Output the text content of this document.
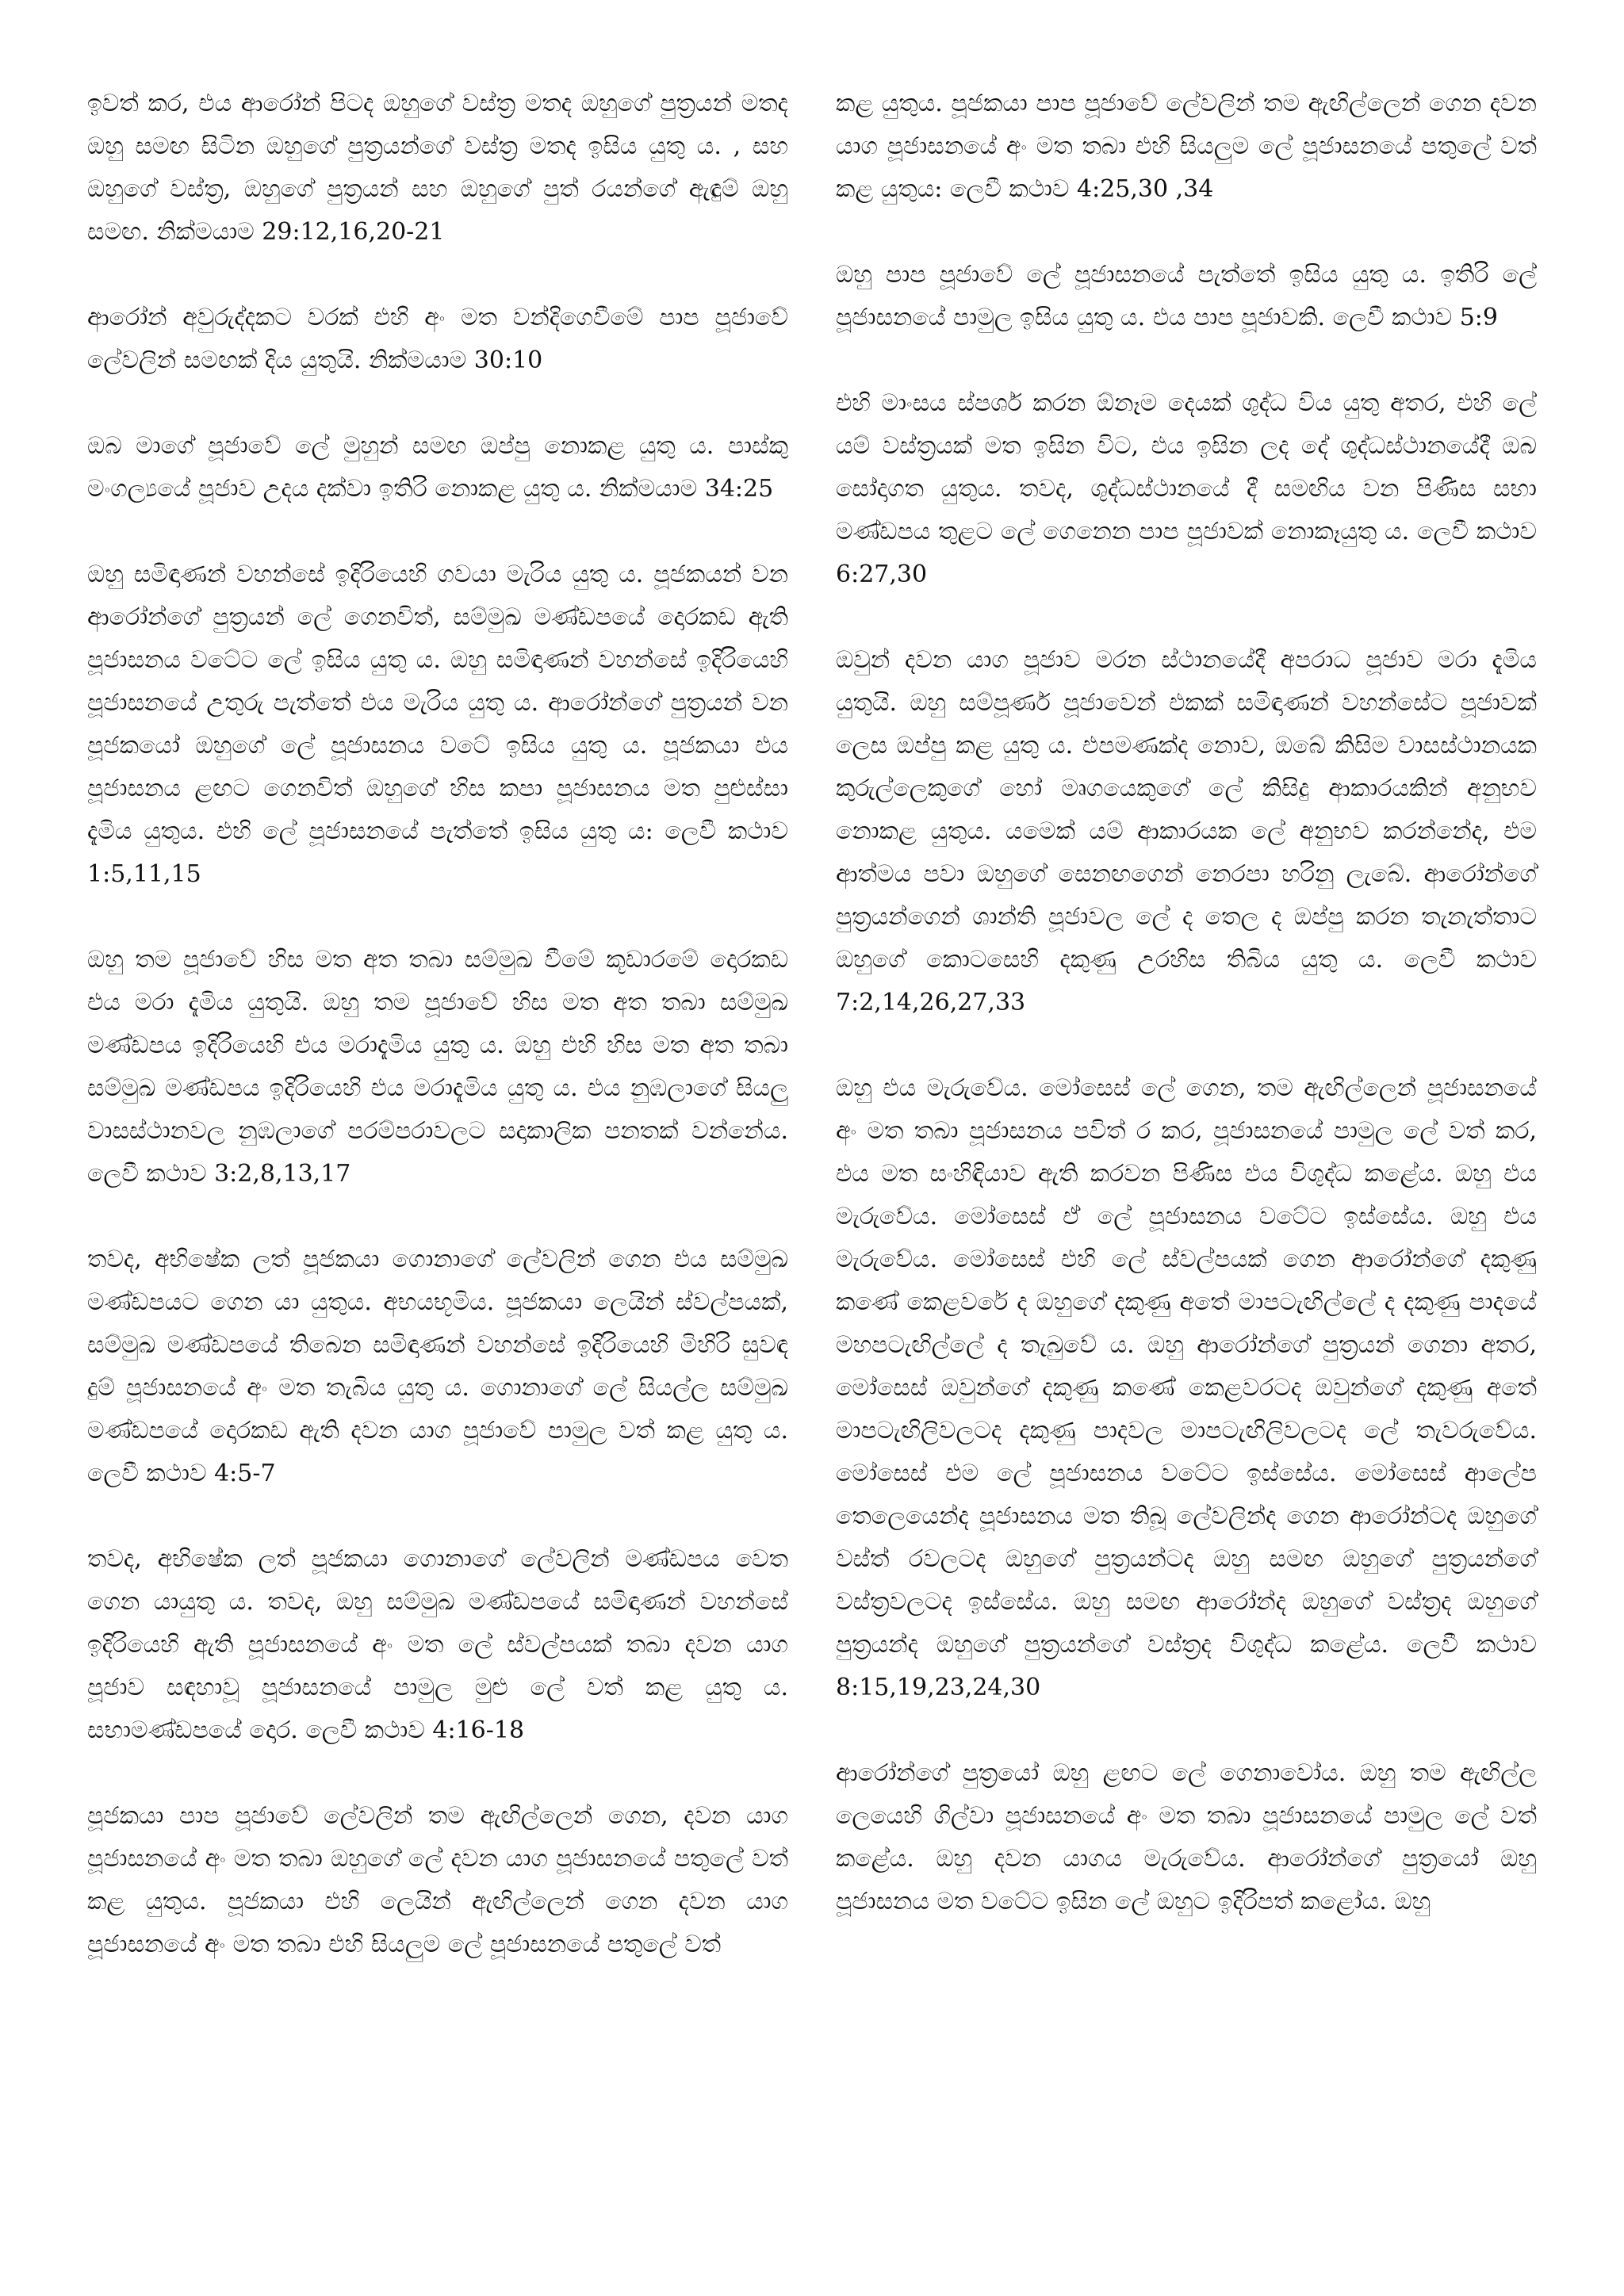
ඉවත් කර, එය ආරෝන් පිටද ඔහුගේ වස්ත්‍ර මතද ඔහුගේ පුත්‍රයන් මතද ඔහු සමඟ සිටින ඔහුගේ පුත්‍රයන්ගේ වස්ත්‍ර මතද ඉසිය යුතු ය. , සහ ඔහුගේ වස්ත්‍ර, ඔහුගේ පුත්‍රයන් සහ ඔහුගේ පුත් රයන්ගේ ඇඳුම් ඔහු සමඟ. නික්මයාම 29:12,16,20-21

ආරෝන් අවුරුද්දකට වරක් එහි අං මත වන්දිගෙවීමේ පාප පූජාවේ ලේවලින් සමඟක් දිය යුතුයි. නික්මයාම 30:10

ඔබ මාගේ පූජාවේ ලේ මුහුන් සමඟ ඔප්පු නොකළ යුතු ය. පාස්කු මංගල්‍යයේ පූජාව උදය දක්වා ඉතිරි නොකළ යුතු ය. නික්මයාම 34:25

ඔහු සමිඳාණන් වහන්සේ ඉදිරියෙහි ගවයා මැරිය යුතු ය. පූජකයන් වන ආරෝන්ගේ පුත්‍රයන් ලේ ගෙනවිත්, සම්මුඛ මණ්ඩපයේ දොරකඩ ඇති පූජාසනය වටේට ලේ ඉසිය යුතු ය. ඔහු සමිඳාණන් වහන්සේ ඉදිරියෙහි පූජාසනයේ උතුරු පැත්තේ එය මැරිය යුතු ය. ආරෝන්ගේ පුත්‍රයන් වන පූජකයෝ ඔහුගේ ලේ පූජාසනය වටේ ඉසිය යුතු ය. පූජකයා එය පූජාසනය ළඟට ගෙනවිත් ඔහුගේ හිස කපා පූජාසනය මත පුළුස්සා දැමිය යුතුය. එහි ලේ පූජාසනයේ පැත්තේ ඉසිය යුතු ය: ලෙවී කථාව 1:5,11,15

ඔහු තම පූජාවේ හිස මත අත තබා සම්මුඛ වීමේ කූඩාරමේ දොරකඩ එය මරා දැමිය යුතුයි. ඔහු තම පූජාවේ හිස මත අත තබා සම්මුඛ මණ්ඩපය ඉදිරියෙහි එය මරාදැමිය යුතු ය. ඔහු එහි හිස මත අත තබා සම්මුඛ මණ්ඩපය ඉදිරියෙහි එය මරාදැමිය යුතු ය. එය නුඹලාගේ සියලු වාසස්ථානවල නුඹලාගේ පරම්පරාවලට සදාකාලික පනතක් වන්නේය. ලෙවී කථාව 3:2,8,13,17

තවද, අභිෂේක ලත් පූජකයා ගොනාගේ ලේවලින් ගෙන එය සම්මුඛ මණ්ඩපයට ගෙන යා යුතුය. අභයභූමිය. පූජකයා ලෙයින් ස්වල්පයක්, සම්මුඛ මණ්ඩපයේ තිබෙන සමිඳාණන් වහන්සේ ඉදිරියෙහි මිහිරි සුවඳ දුම් පූජාසනයේ අං මත තැබිය යුතු ය. ගොනාගේ ලේ සියල්ල සම්මුඛ මණ්ඩපයේ දොරකඩ ඇති දවන යාග පූජාවේ පාමුල වත් කළ යුතු ය. ලෙවී කථාව 4:5-7

තවද, අභිෂේක ලත් පූජකයා ගොනාගේ ලේවලින් මණ්ඩපය වෙත ගෙන යායුතු ය. තවද, ඔහු සම්මුඛ මණ්ඩපයේ සමිඳාණන් වහන්සේ ඉදිරියෙහි ඇති පූජාසනයේ අං මත ලේ ස්වල්පයක් තබා දවන යාග පූජාව සඳහාවූ පූජාසනයේ පාමුල මුළු ලේ වත් කළ යුතු ය. සභාමණ්ඩපයේ දොර. ලෙවී කථාව 4:16-18

පූජකයා පාප පූජාවේ ලේවලින් තම ඇඟිල්ලෙන් ගෙන, දවන යාග පූජාසනයේ අං මත තබා ඔහුගේ ලේ දවන යාග පූජාසනයේ පතුලේ වත් කළ යුතුය. පූජකයා එහි ලෙයින් ඇඟිල්ලෙන් ගෙන දවන යාග පූජාසනයේ අං මත තබා එහි සියලුම ලේ පූජාසනයේ පතුලේ වත්

කළ යුතුය. පූජකයා පාප පූජාවේ ලේවලින් තම ඇඟිල්ලෙන් ගෙන දවන යාග පූජාසනයේ අං මත තබා එහි සියලුම ලේ පූජාසනයේ පතුලේ වත් කළ යුතුය: ලෙවී කථාව 4:25,30 ,34

ඔහු පාප පූජාවේ ලේ පූජාසනයේ පැත්තේ ඉසිය යුතු ය. ඉතිරි ලේ පූජාසනයේ පාමුල ඉසිය යුතු ය. එය පාප පූජාවකි. ලෙවී කථාව 5:9

එහි මාංසය ස්පර්ශ කරන ඕනෑම දෙයක් ශුද්ධ විය යුතු අතර, එහි ලේ යම් වස්ත්‍රයක් මත ඉසින විට, එය ඉසින ලද දේ ශුද්ධස්ථානයේදී ඔබ සෝදාගත යුතුය. තවද, ශුද්ධස්ථානයේ දී සමඟිය වන පිණිස සභා මණ්ඩපය තුළට ලේ ගෙනෙන පාප පූජාවක් නොකෑයුතු ය. ලෙවී කථාව 6:27,30

ඔවුන් දවන යාග පූජාව මරන ස්ථානයේදී අපරාධ පූජාව මරා දැමිය යුතුයි. ඔහු සම්පූර්ණ පූජාවෙන් එකක් සමිඳාණන් වහන්සේට පූජාවක් ලෙස ඔප්පු කළ යුතු ය. එපමණක්ද නොව, ඔබේ කිසිම වාසස්ථානයක කුරුල්ලෙකුගේ හෝ මෘගයෙකුගේ ලේ කිසිදු ආකාරයකින් අනුභව නොකළ යුතුය. යමෙක් යම් ආකාරයක ලේ අනුභව කරන්නේද, එම ආත්මය පවා ඔහුගේ සෙනඟගෙන් නෙරපා හරිනු ලැබේ. ආරෝන්ගේ පුත්‍රයන්ගෙන් ශාන්ති පූජාවල ලේ ද තෙල ද ඔප්පු කරන තැනැත්තාට ඔහුගේ කොටසෙහි දකුණු උරහිස තිබිය යුතු ය. ලෙවී කථාව 7:2,14,26,27,33

ඔහු එය මැරුවේය. මෝසෙස් ලේ ගෙන, තම ඇඟිල්ලෙන් පූජාසනයේ අං මත තබා පූජාසනය පවිත් ර කර, පූජාසනයේ පාමුල ලේ වත් කර, එය මත සංහිඳියාව ඇති කරවන පිණිස එය විශුද්ධ කළේය. ඔහු එය මැරුවේය. මෝසෙස් ඒ ලේ පූජාසනය වටේට ඉස්සේය. ඔහු එය මැරුවේය. මෝසෙස් එහි ලේ ස්වල්පයක් ගෙන ආරෝන්ගේ දකුණු කණේ කෙළවරේ ද ඔහුගේ දකුණු අතේ මාපටැඟිල්ලේ ද දකුණු පාදයේ මහපටැඟිල්ලේ ද තැබුවේ ය. ඔහු ආරෝන්ගේ පුත්‍රයන් ගෙනා අතර, මෝසෙස් ඔවුන්ගේ දකුණු කණේ කෙළවරටද ඔවුන්ගේ දකුණු අතේ මාපටැඟිලිවලටද දකුණු පාදවල මාපටැඟිලිවලටද ලේ තැවරුවේය. මෝසෙස් එම ලේ පූජාසනය වටේට ඉස්සේය. මෝසෙස් ආලේප තෙලෙයෙන්ද පූජාසනය මත තිබූ ලේවලින්ද ගෙන ආරෝන්ටද ඔහුගේ වස්ත් රවලටද ඔහුගේ පුත්‍රයන්ටද ඔහු සමඟ ඔහුගේ පුත්‍රයන්ගේ වස්ත්‍රවලටද ඉස්සේය. ඔහු සමඟ ආරෝන්ද ඔහුගේ වස්ත්‍රද ඔහුගේ පුත්‍රයන්ද ඔහුගේ පුත්‍රයන්ගේ වස්ත්‍රද විශුද්ධ කළේය. ලෙවී කථාව 8:15,19,23,24,30

ආරෝන්ගේ පුත්‍රයෝ ඔහු ළඟට ලේ ගෙනාවෝය. ඔහු තම ඇඟිල්ල ලෙයෙහි ගිල්වා පූජාසනයේ අං මත තබා පූජාසනයේ පාමුල ලේ වත් කළේය. ඔහු දවන යාගය මැරුවේය. ආරෝන්ගේ පුත්‍රයෝ ඔහු පූජාසනය මත වටේට ඉසින ලේ ඔහුට ඉදිරිපත් කළෝය. ඔහු
